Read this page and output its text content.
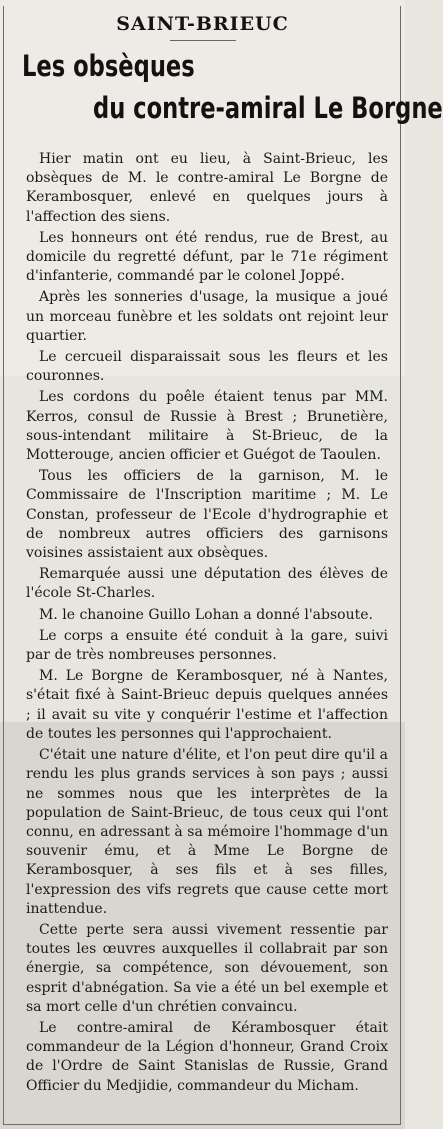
SAINT-BRIEUC
Les obsèques
du contre-amiral Le Borgne

Hier matin ont eu lieu, à Saint-Brieuc, les obsèques de M. le contre-amiral Le Borgne de Kerambosquer, enlevé en quelques jours à l'affection des siens.

Les honneurs ont été rendus, rue de Brest, au domicile du regretté défunt, par le 71e régiment d'infanterie, commandé par le colonel Joppé.

Après les sonneries d'usage, la musique a joué un morceau funèbre et les soldats ont rejoint leur quartier.

Le cercueil disparaissait sous les fleurs et les couronnes.

Les cordons du poêle étaient tenus par MM. Kerros, consul de Russie à Brest ; Brunetière, sous-intendant militaire à St-Brieuc, de la Motterouge, ancien officier et Guégot de Taoulen.

Tous les officiers de la garnison, M. le Commissaire de l'Inscription maritime ; M. Le Constan, professeur de l'Ecole d'hydrographie et de nombreux autres officiers des garnisons voisines assistaient aux obsèques.

Remarquée aussi une députation des élèves de l'école St-Charles.

M. le chanoine Guillo Lohan a donné l'absoute.

Le corps a ensuite été conduit à la gare, suivi par de très nombreuses personnes.

M. Le Borgne de Kerambosquer, né à Nantes, s'était fixé à Saint-Brieuc depuis quelques années ; il avait su vite y conquérir l'estime et l'affection de toutes les personnes qui l'approchaient.

C'était une nature d'élite, et l'on peut dire qu'il a rendu les plus grands services à son pays ; aussi ne sommes nous que les interprètes de la population de Saint-Brieuc, de tous ceux qui l'ont connu, en adressant à sa mémoire l'hommage d'un souvenir ému, et à Mme Le Borgne de Kerambosquer, à ses fils et à ses filles, l'expression des vifs regrets que cause cette mort inattendue.

Cette perte sera aussi vivement ressentie par toutes les œuvres auxquelles il collabrait par son énergie, sa compétence, son dévouement, son esprit d'abnégation. Sa vie a été un bel exemple et sa mort celle d'un chrétien convaincu.

Le contre-amiral de Kérambosquer était commandeur de la Légion d'honneur, Grand Croix de l'Ordre de Saint Stanislas de Russie, Grand Officier du Medjidie, commandeur du Micham.
